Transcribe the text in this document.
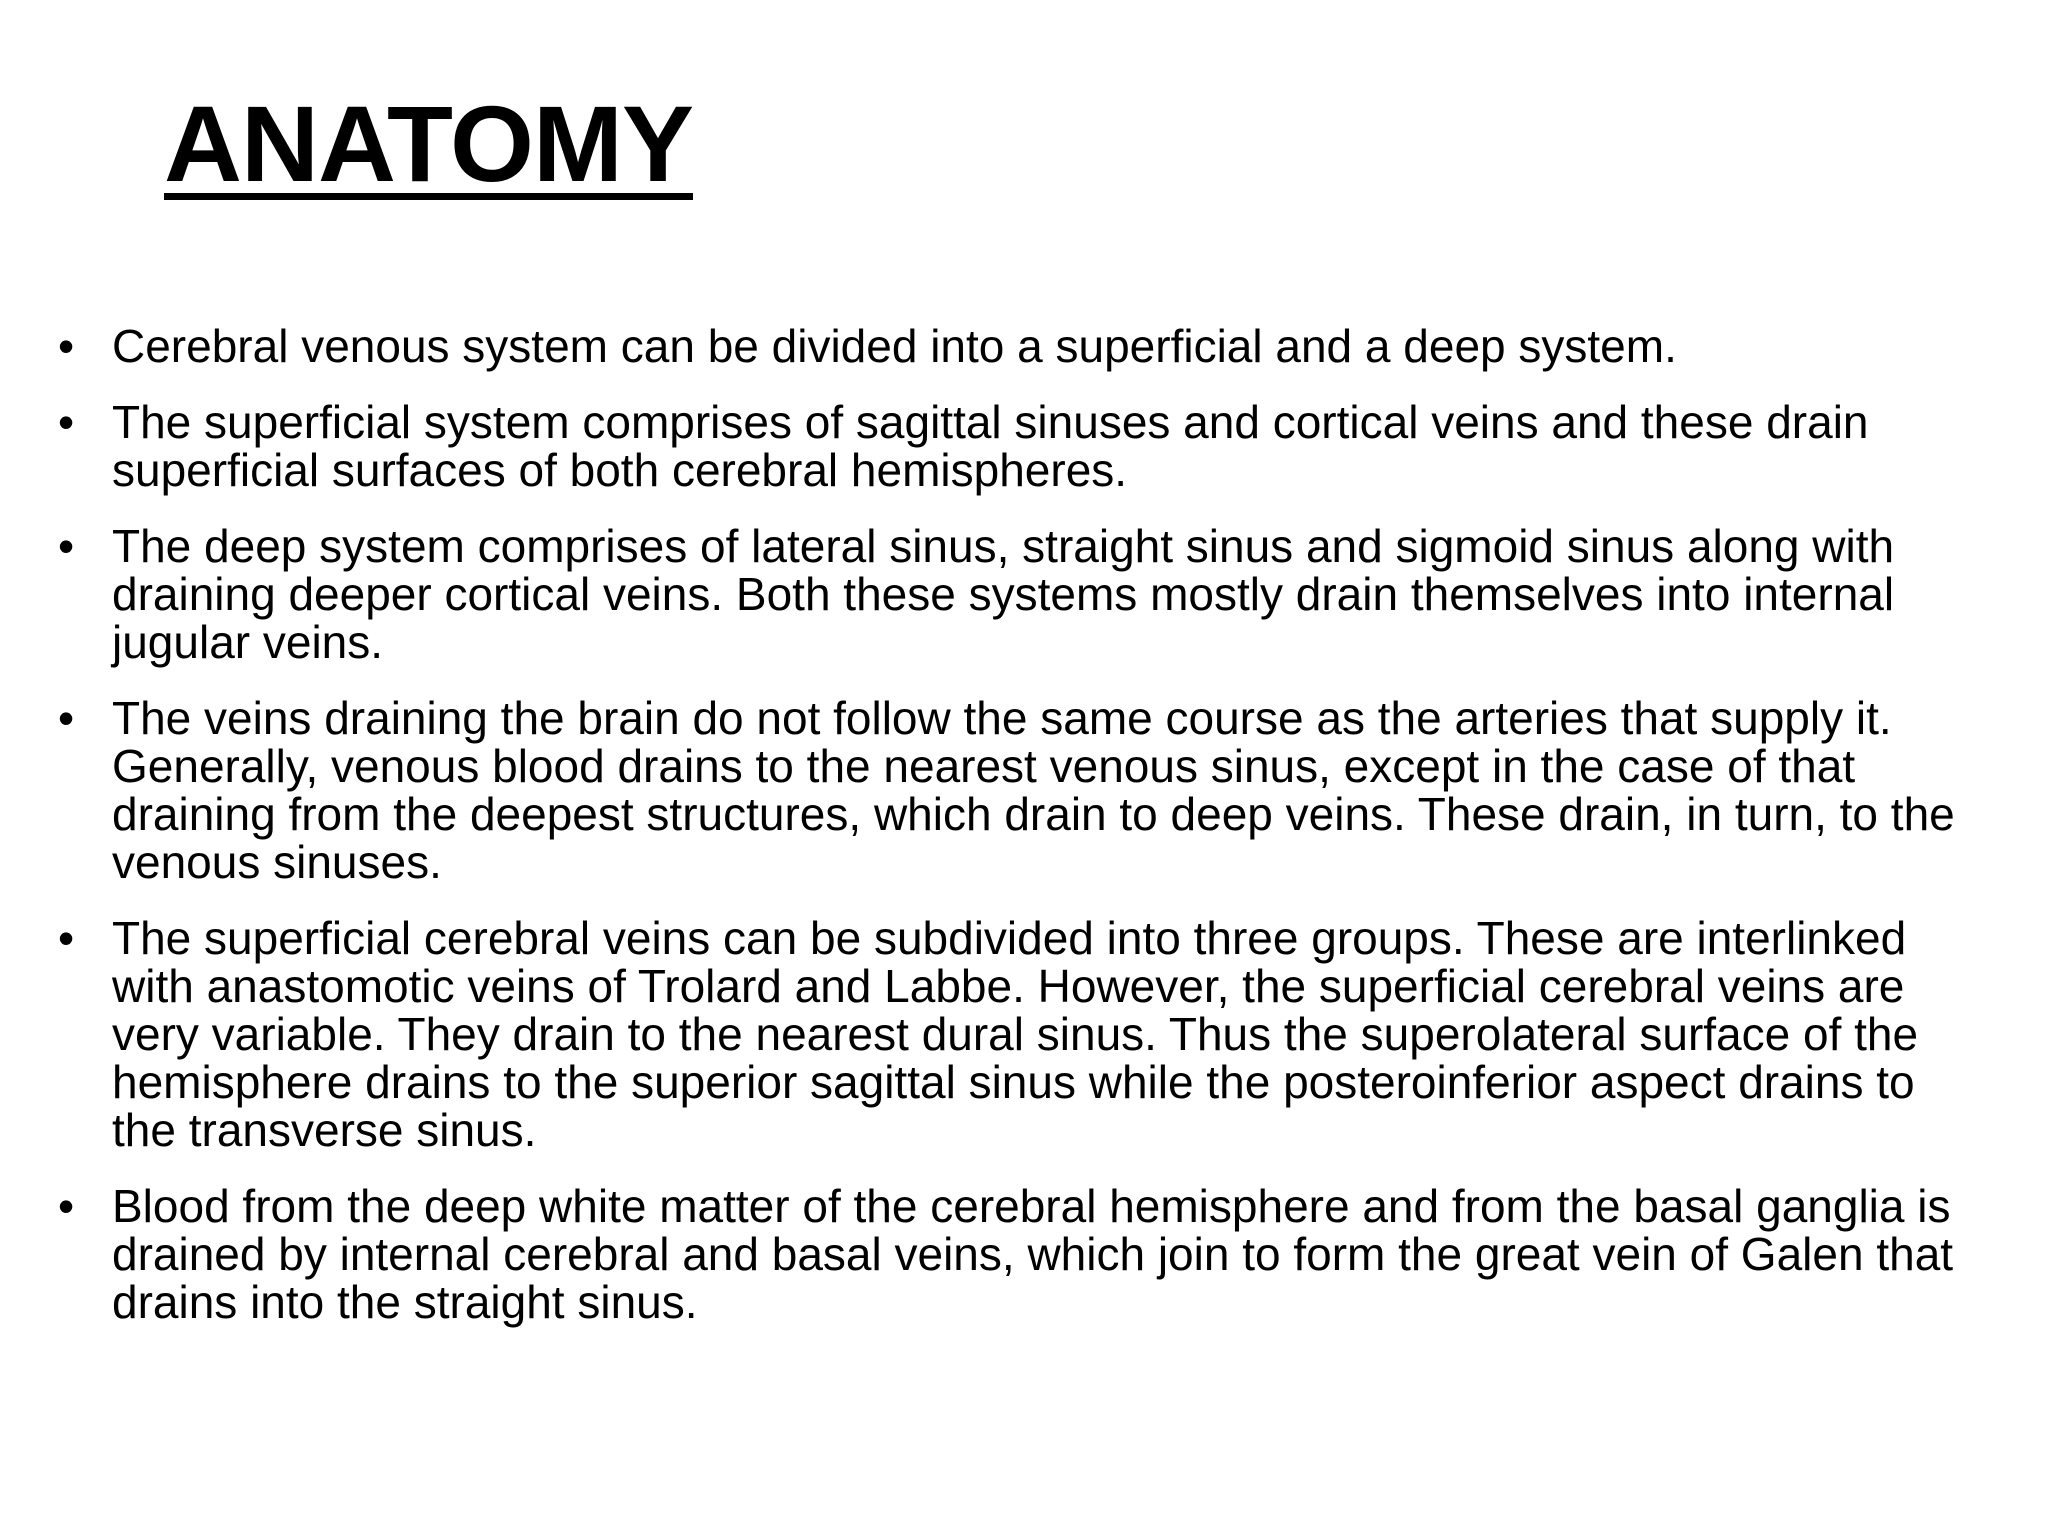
ANATOMY
• Cerebral venous system can be divided into a superficial and a deep system.
• The superficial system comprises of sagittal sinuses and cortical veins and these drain superficial surfaces of both cerebral hemispheres.
• The deep system comprises of lateral sinus, straight sinus and sigmoid sinus along with draining deeper cortical veins. Both these systems mostly drain themselves into internal jugular veins.
• The veins draining the brain do not follow the same course as the arteries that supply it. Generally, venous blood drains to the nearest venous sinus, except in the case of that draining from the deepest structures, which drain to deep veins. These drain, in turn, to the venous sinuses.
• The superficial cerebral veins can be subdivided into three groups. These are interlinked with anastomotic veins of Trolard and Labbe. However, the superficial cerebral veins are very variable. They drain to the nearest dural sinus. Thus the superolateral surface of the hemisphere drains to the superior sagittal sinus while the posteroinferior aspect drains to the transverse sinus.
• Blood from the deep white matter of the cerebral hemisphere and from the basal ganglia is drained by internal cerebral and basal veins, which join to form the great vein of Galen that drains into the straight sinus.
